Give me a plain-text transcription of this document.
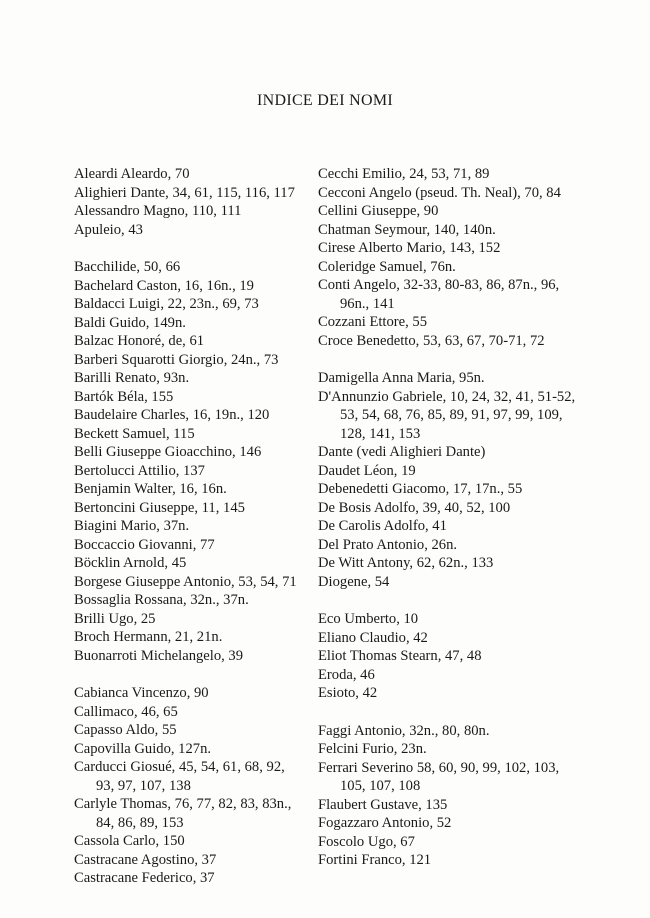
INDICE DEI NOMI
Aleardi Aleardo, 70
Alighieri Dante, 34, 61, 115, 116, 117
Alessandro Magno, 110, 111
Apuleio, 43
Bacchilide, 50, 66
Bachelard Caston, 16, 16n., 19
Baldacci Luigi, 22, 23n., 69, 73
Baldi Guido, 149n.
Balzac Honoré, de, 61
Barberi Squarotti Giorgio, 24n., 73
Barilli Renato, 93n.
Bartók Béla, 155
Baudelaire Charles, 16, 19n., 120
Beckett Samuel, 115
Belli Giuseppe Gioacchino, 146
Bertolucci Attilio, 137
Benjamin Walter, 16, 16n.
Bertoncini Giuseppe, 11, 145
Biagini Mario, 37n.
Boccaccio Giovanni, 77
Böcklin Arnold, 45
Borgese Giuseppe Antonio, 53, 54, 71
Bossaglia Rossana, 32n., 37n.
Brilli Ugo, 25
Broch Hermann, 21, 21n.
Buonarroti Michelangelo, 39
Cabianca Vincenzo, 90
Callimaco, 46, 65
Capasso Aldo, 55
Capovilla Guido, 127n.
Carducci Giosué, 45, 54, 61, 68, 92, 93, 97, 107, 138
Carlyle Thomas, 76, 77, 82, 83, 83n., 84, 86, 89, 153
Cassola Carlo, 150
Castracane Agostino, 37
Castracane Federico, 37
Cecchi Emilio, 24, 53, 71, 89
Cecconi Angelo (pseud. Th. Neal), 70, 84
Cellini Giuseppe, 90
Chatman Seymour, 140, 140n.
Cirese Alberto Mario, 143, 152
Coleridge Samuel, 76n.
Conti Angelo, 32-33, 80-83, 86, 87n., 96, 96n., 141
Cozzani Ettore, 55
Croce Benedetto, 53, 63, 67, 70-71, 72
Damigella Anna Maria, 95n.
D'Annunzio Gabriele, 10, 24, 32, 41, 51-52, 53, 54, 68, 76, 85, 89, 91, 97, 99, 109, 128, 141, 153
Dante (vedi Alighieri Dante)
Daudet Léon, 19
Debenedetti Giacomo, 17, 17n., 55
De Bosis Adolfo, 39, 40, 52, 100
De Carolis Adolfo, 41
Del Prato Antonio, 26n.
De Witt Antony, 62, 62n., 133
Diogene, 54
Eco Umberto, 10
Eliano Claudio, 42
Eliot Thomas Stearn, 47, 48
Eroda, 46
Esioto, 42
Faggi Antonio, 32n., 80, 80n.
Felcini Furio, 23n.
Ferrari Severino 58, 60, 90, 99, 102, 103, 105, 107, 108
Flaubert Gustave, 135
Fogazzaro Antonio, 52
Foscolo Ugo, 67
Fortini Franco, 121
